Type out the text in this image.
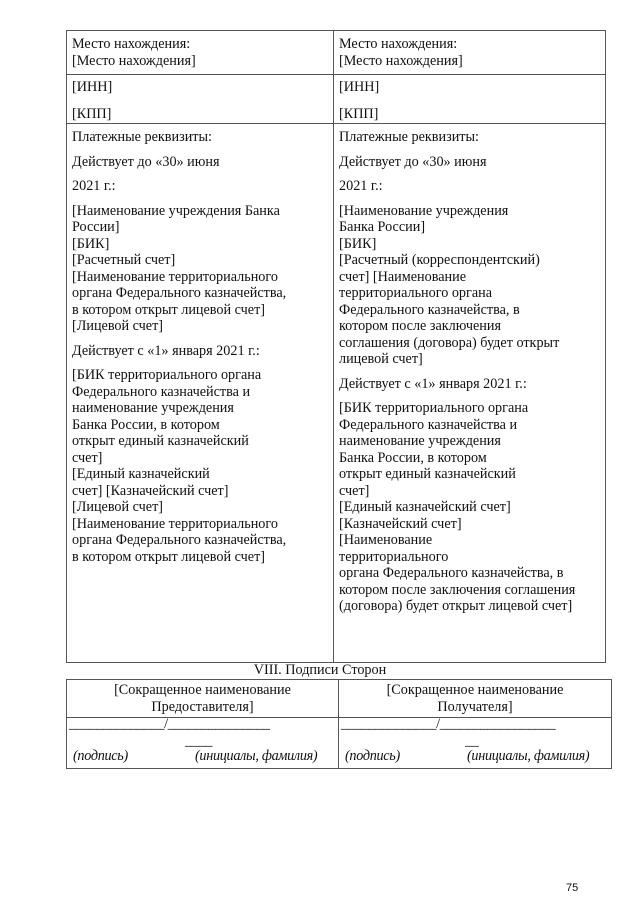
Место нахождения:
[Место нахождения]
[ИНН]
[КПП]
Платежные реквизиты:
Действует до «30» июня
2021 г.:
[Наименование учреждения Банка
России]
[БИК]
[Расчетный счет]
[Наименование территориального
органа Федерального казначейства,
в котором открыт лицевой счет]
[Лицевой счет]
Действует с «1» января 2021 г.:
[БИК территориального органа
Федерального казначейства и
наименование учреждения
Банка России, в котором
открыт единый казначейский
счет]
[Единый казначейский
счет] [Казначейский счет]
[Лицевой счет]
[Наименование территориального
органа Федерального казначейства,
в котором открыт лицевой счет]
Место нахождения:
[Место нахождения]
[ИНН]
[КПП]
Платежные реквизиты:
Действует до «30» июня
2021 г.:
[Наименование учреждения
Банка России]
[БИК]
[Расчетный (корреспондентский)
счет] [Наименование
территориального органа
Федерального казначейства, в
котором после заключения
соглашения (договора) будет открыт
лицевой счет]
Действует с «1» января 2021 г.:
[БИК территориального органа
Федерального казначейства и
наименование учреждения
Банка России, в котором
открыт единый казначейский
счет]
[Единый казначейский счет]
[Казначейский счет]
[Наименование
территориального
органа Федерального казначейства, в
котором после заключения соглашения
(договора) будет открыт лицевой счет]
VIII. Подписи Сторон
[Сокращенное наименование
Предоставителя]
[Сокращенное наименование
Получателя]
______________/_______________
____
(подпись)	(инициалы, фамилия)
______________/_________________
__
(подпись)	(инициалы, фамилия)
75
